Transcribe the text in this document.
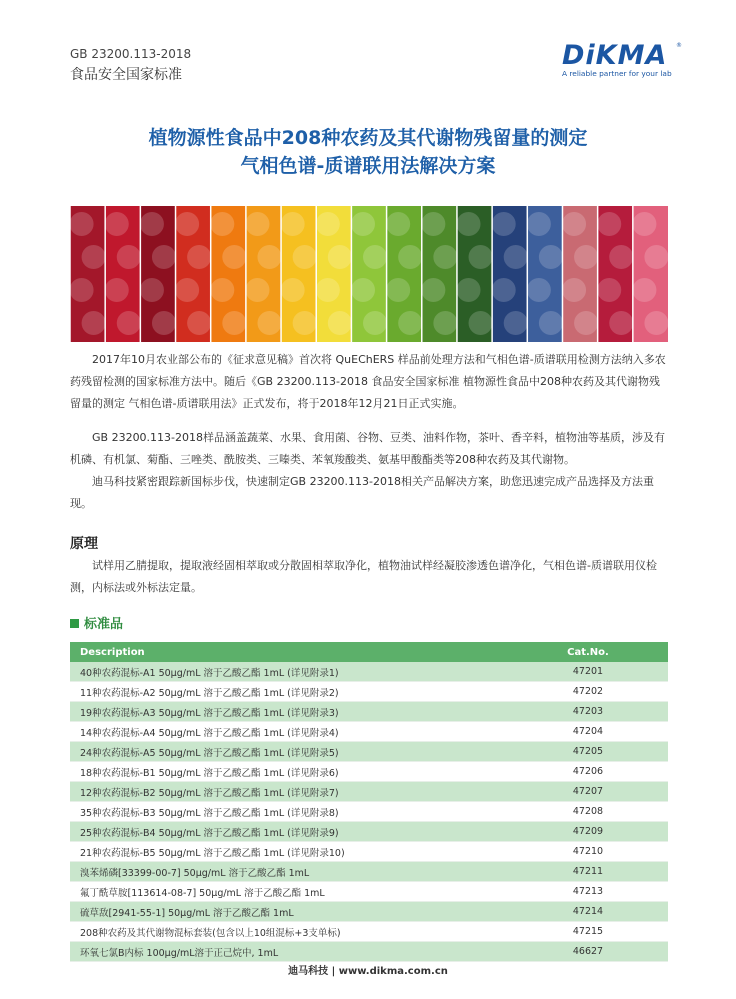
GB 23200.113-2018
食品安全国家标准
DiKMA ®
A reliable partner for your lab
植物源性食品中208种农药及其代谢物残留量的测定
气相色谱-质谱联用法解决方案
2017年10月农业部公布的《征求意见稿》首次将 QuEChERS 样品前处理方法和气相色谱-质谱联用检测方法纳入多农药残留检测的国家标准方法中。随后《GB 23200.113-2018 食品安全国家标准 植物源性食品中208种农药及其代谢物残留量的测定 气相色谱-质谱联用法》正式发布，将于2018年12月21日正式实施。
GB 23200.113-2018样品涵盖蔬菜、水果、食用菌、谷物、豆类、油料作物，茶叶、香辛料，植物油等基质，涉及有机磷、有机氯、菊酯、三唑类、酰胺类、三嗪类、苯氧羧酸类、氨基甲酸酯类等208种农药及其代谢物。
迪马科技紧密跟踪新国标步伐，快速制定GB 23200.113-2018相关产品解决方案，助您迅速完成产品选择及方法重现。
原理
试样用乙腈提取，提取液经固相萃取或分散固相萃取净化，植物油试样经凝胶渗透色谱净化，气相色谱-质谱联用仪检测，内标法或外标法定量。
标准品
Description	Cat.No.
40种农药混标-A1 50μg/mL 溶于乙酸乙酯 1mL (详见附录1)	47201
11种农药混标-A2 50μg/mL 溶于乙酸乙酯 1mL (详见附录2)	47202
19种农药混标-A3 50μg/mL 溶于乙酸乙酯 1mL (详见附录3)	47203
14种农药混标-A4 50μg/mL 溶于乙酸乙酯 1mL (详见附录4)	47204
24种农药混标-A5 50μg/mL 溶于乙酸乙酯 1mL (详见附录5)	47205
18种农药混标-B1 50μg/mL 溶于乙酸乙酯 1mL (详见附录6)	47206
12种农药混标-B2 50μg/mL 溶于乙酸乙酯 1mL (详见附录7)	47207
35种农药混标-B3 50μg/mL 溶于乙酸乙酯 1mL (详见附录8)	47208
25种农药混标-B4 50μg/mL 溶于乙酸乙酯 1mL (详见附录9)	47209
21种农药混标-B5 50μg/mL 溶于乙酸乙酯 1mL (详见附录10)	47210
溴苯烯磷[33399-00-7] 50μg/mL 溶于乙酸乙酯 1mL	47211
氟丁酰草胺[113614-08-7] 50μg/mL 溶于乙酸乙酯 1mL	47213
硫草敌[2941-55-1] 50μg/mL 溶于乙酸乙酯 1mL	47214
208种农药及其代谢物混标套装(包含以上10组混标+3支单标)	47215
环氧七氯B内标 100μg/mL溶于正己烷中, 1mL	46627
迪马科技 | www.dikma.com.cn
